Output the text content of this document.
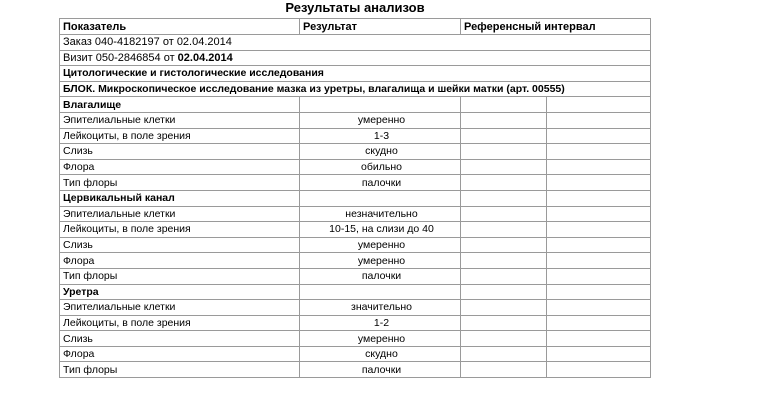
Результаты анализов
Показатель	Результат	Референсный интервал	
Заказ 040-4182197 от 02.04.2014			
Визит 050-2846854 от 02.04.2014			
Цитологические и гистологические исследования			
БЛОК. Микроскопическое исследование мазка из уретры, влагалища и шейки матки (арт. 00555)			
Влагалище			
Эпителиальные клетки	умеренно		
Лейкоциты, в поле зрения	1-3		
Слизь	скудно		
Флора	обильно		
Тип флоры	палочки		
Цервикальный канал			
Эпителиальные клетки	незначительно		
Лейкоциты, в поле зрения	10-15, на слизи до 40		
Слизь	умеренно		
Флора	умеренно		
Тип флоры	палочки		
Уретра			
Эпителиальные клетки	значительно		
Лейкоциты, в поле зрения	1-2		
Слизь	умеренно		
Флора	скудно		
Тип флоры	палочки		
